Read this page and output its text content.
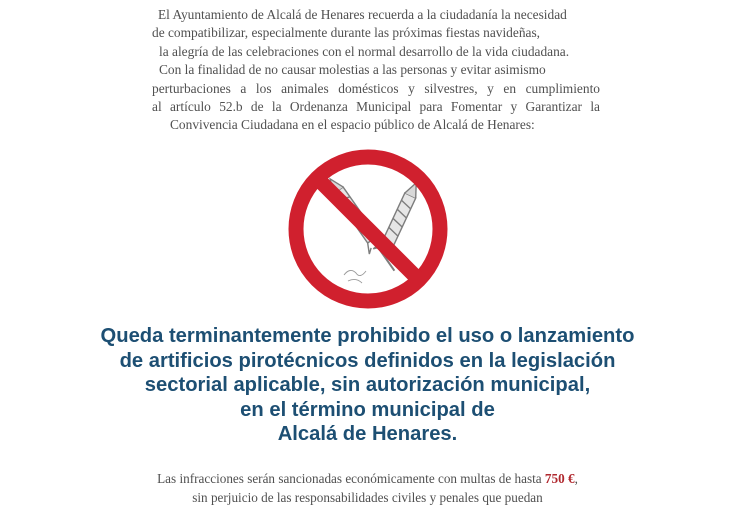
El Ayuntamiento de Alcalá de Henares recuerda a la ciudadanía la necesidad
de compatibilizar, especialmente durante las próximas fiestas navideñas,
la alegría de las celebraciones con el normal desarrollo de la vida ciudadana.
Con la finalidad de no causar molestias a las personas y evitar asimismo
perturbaciones a los animales domésticos y silvestres, y en cumplimiento
al artículo 52.b de la Ordenanza Municipal para Fomentar y Garantizar la
Convivencia Ciudadana en el espacio público de Alcalá de Henares:
Queda terminantemente prohibido el uso o lanzamiento
de artificios pirotécnicos definidos en la legislación
sectorial aplicable, sin autorización municipal,
en el término municipal de
Alcalá de Henares.
Las infracciones serán sancionadas económicamente con multas de hasta 750 €,
sin perjuicio de las responsabilidades civiles y penales que puedan
